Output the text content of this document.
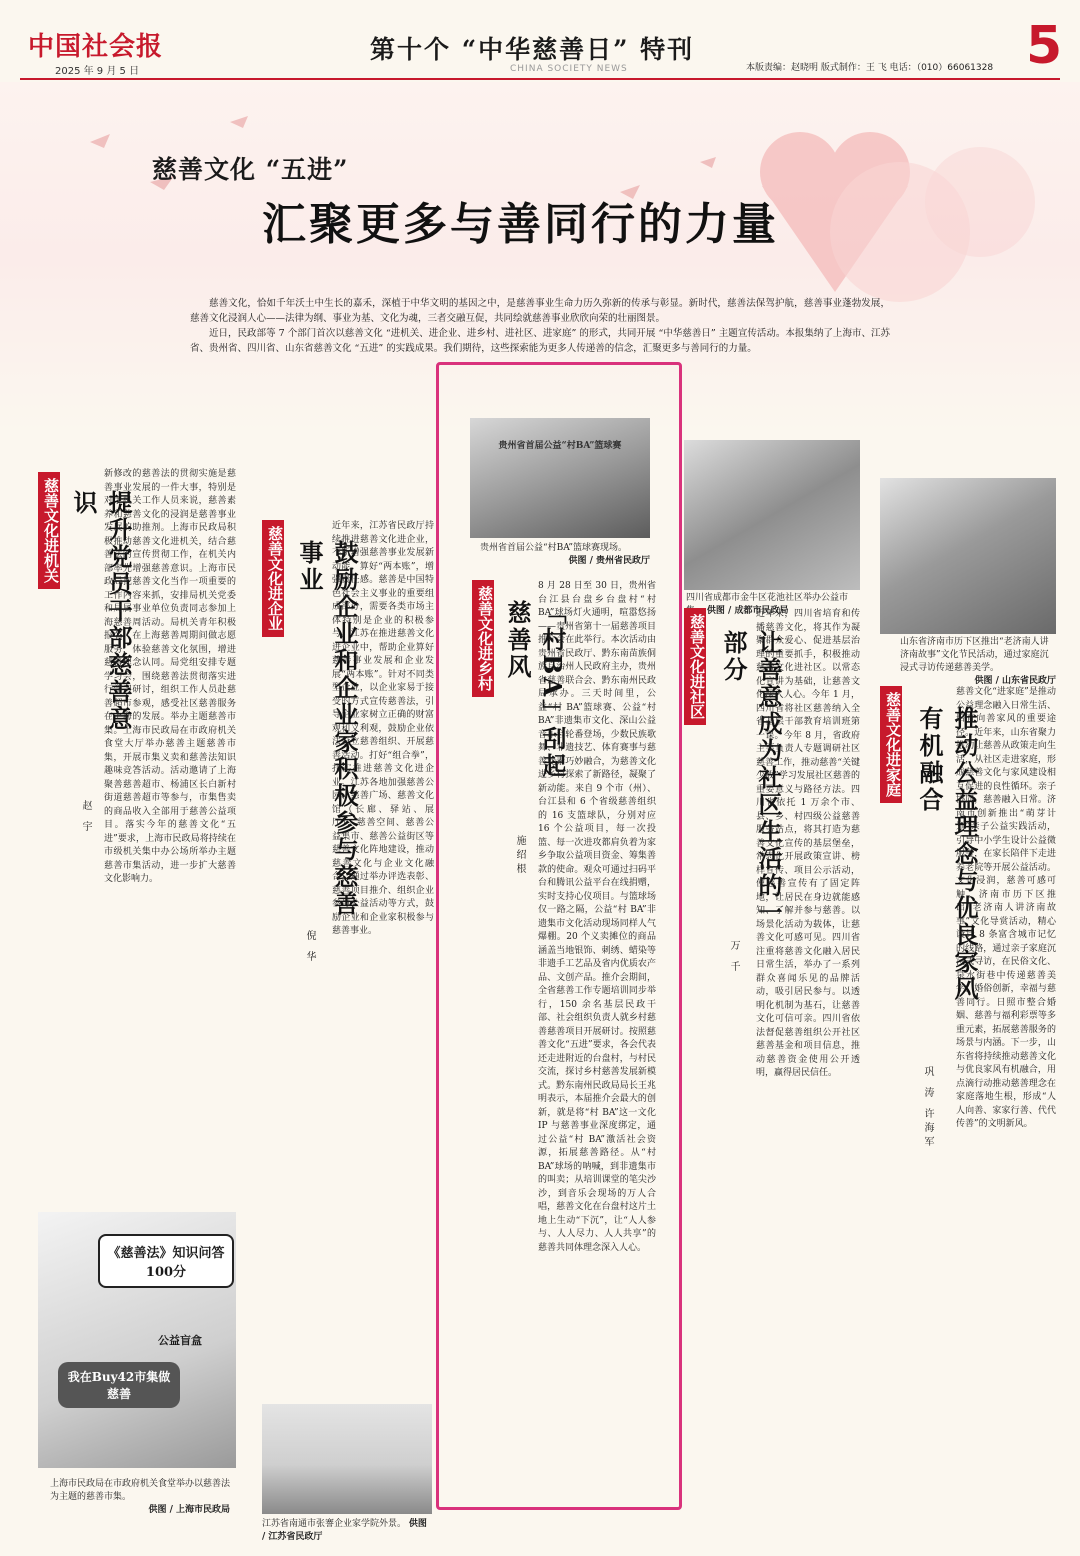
中国社会报
2025 年 9 月 5 日
第十个 “中华慈善日” 特刊
CHINA SOCIETY NEWS	本版责编：赵晓明 版式制作：王 飞 电话：（010）66061328 5
慈善文化 “五进”
汇聚更多与善同行的力量

慈善文化，恰如千年沃土中生长的嘉禾，深植于中华文明的基因之中，是慈善事业生命力历久弥新的传承与彰显。新时代，慈善法保驾护航，慈善事业蓬勃发展，慈善文化浸润人心——法律为纲、事业为基、文化为魂，三者交融互促，共同绘就慈善事业欣欣向荣的壮丽图景。

近日，民政部等 7 个部门首次以慈善文化 “进机关、进企业、进乡村、进社区、进家庭” 的形式，共同开展 “中华慈善日” 主题宣传活动。本报集纳了上海市、江苏省、贵州省、四川省、山东省慈善文化 “五进” 的实践成果。我们期待，这些探索能为更多人传递善的信念，汇聚更多与善同行的力量。

慈善文化进机关	提升党员干部慈善意识
赵 宇
新修改的慈善法的贯彻实施是慈善事业发展的一件大事，特别是对于机关工作人员来说，慈善素养和慈善文化的浸润是慈善事业发展的助推剂。上海市民政局积极推动慈善文化进机关，结合慈善法的宣传贯彻工作，在机关内部率先增强慈善意识。上海市民政局把慈善文化当作一项重要的工作内容来抓，安排局机关党委和局属事业单位负责同志参加上海慈善周活动。局机关青年积极报名，在上海慈善周期间做志愿服务，体验慈善文化氛围，增进慈善理念认同。局党组安排专题学习会，围绕慈善法贯彻落实进行学习研讨，组织工作人员赴慈善超市参观，感受社区慈善服务在上海的发展。举办主题慈善市集。上海市民政局在市政府机关食堂大厅举办慈善主题慈善市集，开展市集义卖和慈善法知识趣味竞答活动。活动邀请了上海聚善慈善超市、杨浦区长白新村街道慈善超市等参与，市集售卖的商品收入全部用于慈善公益项目。落实今年的慈善文化“五进”要求，上海市民政局将持续在市级机关集中办公场所举办主题慈善市集活动，进一步扩大慈善文化影响力。
《慈善法》知识问答100分
公益盲盒
我在Buy42市集做慈善
上海市民政局在市政府机关食堂举办以慈善法为主题的慈善市集。
供图 / 上海市民政局
慈善文化进企业	鼓励企业和企业家积极参与慈善事业
倪 华
近年来，江苏省民政厅持续推进慈善文化进企业，不断增强慈善事业发展新动能。算好“两本账”，增强责任感。慈善是中国特色社会主义事业的重要组成部分，需要各类市场主体特别是企业的积极参与。江苏在推进慈善文化进企业中，帮助企业算好慈善事业发展和企业发展“两本账”。针对不同类型企业，以企业家易于接受的方式宣传慈善法，引导企业家树立正确的财富观和义利观，鼓励企业依法设立慈善组织、开展慈善活动。打好“组合拳”，扎实推进慈善文化进企业。江苏各地加强慈善公园、慈善广场、慈善文化馆（长廊、驿站、展厅）、慈善空间、慈善公益集市、慈善公益街区等慈善文化阵地建设，推动慈善文化与企业文化融合。通过举办评选表彰、慈善项目推介、组织企业参与公益活动等方式，鼓励企业和企业家积极参与慈善事业。
江苏省南通市张謇企业家学院外景。 供图 / 江苏省民政厅
贵州省首届公益“村BA”篮球赛
贵州省首届公益“村BA”篮球赛现场。
供图 / 贵州省民政厅
慈善文化进乡村	「村BA」刮起慈善风
施绍根
8 月 28 日至 30 日，贵州省台江县台盘乡台盘村“村 BA”球场灯火通明，喧嚣悠扬——贵州省第十一届慈善项目推介会在此举行。本次活动由贵州省民政厅、黔东南苗族侗族自治州人民政府主办，贵州省慈善联合会、黔东南州民政局承办。三天时间里，公益“村 BA”篮球赛、公益“村 BA”非遗集市文化、深山公益音乐会轮番登场，少数民族歌舞、非遗技艺、体育赛事与慈善元素巧妙融合，为慈善文化进乡村探索了新路径，凝聚了新动能。来自 9 个市（州）、台江县和 6 个省级慈善组织的 16 支篮球队，分别对应 16 个公益项目，每一次投篮、每一次进攻都肩负着为家乡争取公益项目资金、筹集善款的使命。观众可通过扫码平台和腾讯公益平台在线捐赠，实时支持心仪项目。与篮球场仅一路之隔，公益“村 BA”非遗集市文化活动现场同样人气爆棚。20 个义卖摊位的商品涵盖当地银饰、刺绣、蜡染等非遗手工艺品及省内优质农产品、文创产品。推介会期间，全省慈善工作专题培训同步举行，150 余名基层民政干部、社会组织负责人就乡村慈善慈善项目开展研讨。按照慈善文化“五进”要求，各会代表还走进附近的台盘村，与村民交流，探讨乡村慈善发展新模式。黔东南州民政局局长王兆明表示，本届推介会最大的创新，就是将“村 BA”这一文化 IP 与慈善事业深度绑定，通过公益“村 BA”激活社会资源，拓展慈善路径。从“村 BA”球场的呐喊，到非遗集市的叫卖；从培训课堂的笔尖沙沙，到音乐会现场的万人合唱，慈善文化在台盘村这片土地上生动“下沉”，让“人人参与、人人尽力、人人共享”的慈善共同体理念深入人心。
四川省成都市金牛区花池社区举办公益市 供图 / 成都市民政局
慈善文化进社区	让善意成为社区生活的一部分
万 千
近年来，四川省培育和传播慈善文化，将其作为凝聚群众爱心、促进基层治理的重要抓手，积极推动慈善文化进社区。以常态化宣讲为基础，让慈善文化深入人心。今年 1 月，四川省将社区慈善纳入全省基层干部教育培训班第一课。今年 8 月，省政府主要负责人专题调研社区慈善工作，推动慈善“关键少数”学习发展社区慈善的重要意义与路径方法。四川省依托 1 万余个市、县、乡、村四级公益慈善服务站点，将其打造为慈善文化宣传的基层堡垒，常态化开展政策宣讲、榜样宣传、项目公示活动，使慈善宣传有了固定阵地，让居民在身边就能感知、了解并参与慈善。以场景化活动为载体，让慈善文化可感可见。四川省注重将慈善文化融入居民日常生活，举办了一系列群众喜闻乐见的品牌活动，吸引居民参与。以透明化机制为基石，让慈善文化可信可亲。四川省依法督促慈善组织公开社区慈善基金和项目信息，推动慈善资金使用公开透明，赢得居民信任。
山东省济南市历下区推出“老济南人讲济南故事”文化节民活动，通过家庭沉浸式寻访传递慈善美学。
供图 / 山东省民政厅
慈善文化进家庭	推动公益理念与优良家风有机融合
巩 涛 许海军
慈善文化“进家庭”是推动公益理念融入日常生活、培育向善家风的重要途径。近年来，山东省聚力推动让慈善从政策走向生活，从社区走进家庭，形成慈善文化与家风建设相互促进的良性循环。亲子协同，慈善融入日常。济南市创新推出“萌芽计划”亲子公益实践活动，引导中小学生设计公益微服务，在家长陪伴下走进养老院等开展公益活动。文化浸润，慈善可感可触。济南市历下区推出“老济南人讲济南故事”文化导赏活动，精心设计 8 条富含城市记忆的线路，通过亲子家庭沉浸式寻访，在民俗文化、泉水街巷中传递慈善美学。婚俗创新，幸福与慈善同行。日照市整合婚姻、慈善与福利彩票等多重元素，拓展慈善服务的场景与内涵。下一步，山东省将持续推动慈善文化与优良家风有机融合，用点滴行动推动慈善理念在家庭落地生根，形成“人人向善、家家行善、代代传善”的文明新风。
